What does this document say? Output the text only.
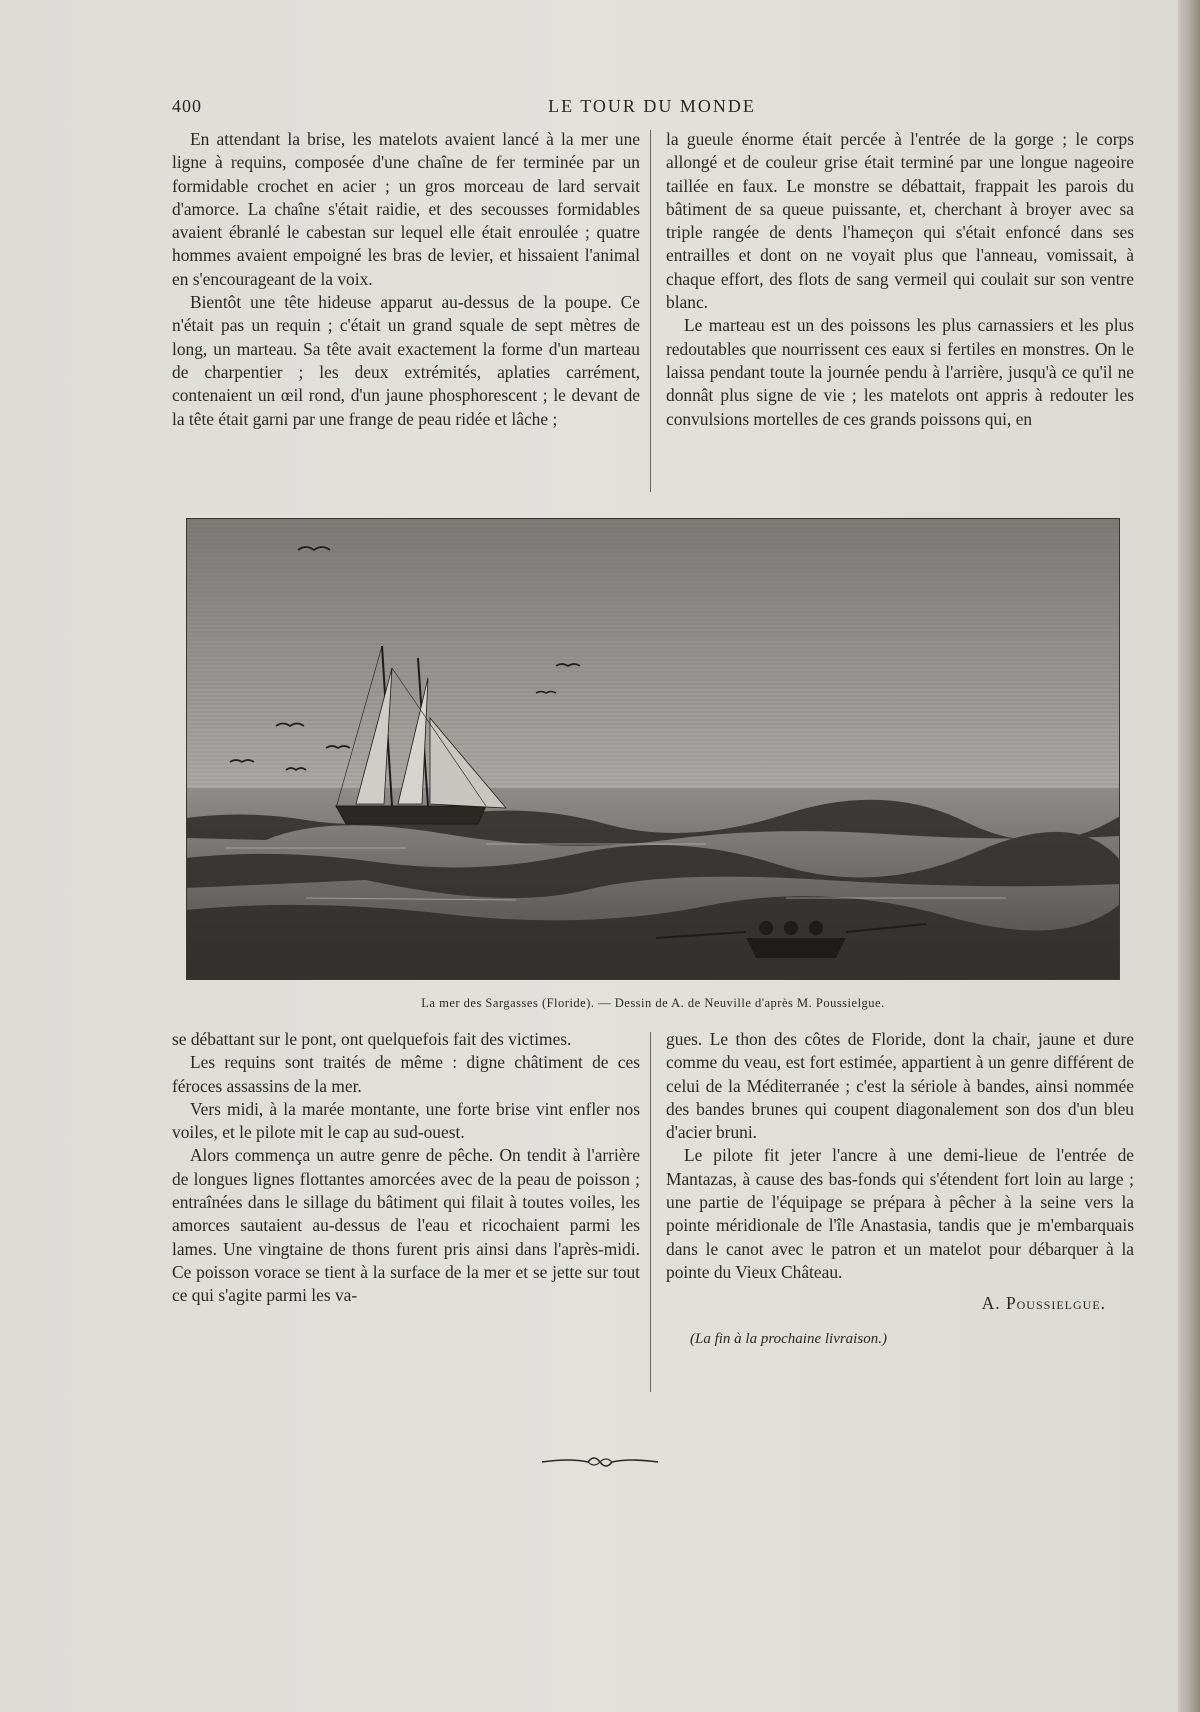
400	LE TOUR DU MONDE

En attendant la brise, les matelots avaient lancé à la mer une ligne à requins, composée d'une chaîne de fer terminée par un formidable crochet en acier ; un gros morceau de lard servait d'amorce. La chaîne s'était raidie, et des secousses formidables avaient ébranlé le cabestan sur lequel elle était enroulée ; quatre hommes avaient empoigné les bras de levier, et hissaient l'animal en s'encourageant de la voix.

Bientôt une tête hideuse apparut au-dessus de la poupe. Ce n'était pas un requin ; c'était un grand squale de sept mètres de long, un marteau. Sa tête avait exactement la forme d'un marteau de charpentier ; les deux extrémités, aplaties carrément, contenaient un œil rond, d'un jaune phosphorescent ; le devant de la tête était garni par une frange de peau ridée et lâche ;

la gueule énorme était percée à l'entrée de la gorge ; le corps allongé et de couleur grise était terminé par une longue nageoire taillée en faux. Le monstre se débattait, frappait les parois du bâtiment de sa queue puissante, et, cherchant à broyer avec sa triple rangée de dents l'hameçon qui s'était enfoncé dans ses entrailles et dont on ne voyait plus que l'anneau, vomissait, à chaque effort, des flots de sang vermeil qui coulait sur son ventre blanc.

Le marteau est un des poissons les plus carnassiers et les plus redoutables que nourrissent ces eaux si fertiles en monstres. On le laissa pendant toute la journée pendu à l'arrière, jusqu'à ce qu'il ne donnât plus signe de vie ; les matelots ont appris à redouter les convulsions mortelles de ces grands poissons qui, en

La mer des Sargasses (Floride). — Dessin de A. de Neuville d'après M. Poussielgue.

se débattant sur le pont, ont quelquefois fait des victimes.

Les requins sont traités de même : digne châtiment de ces féroces assassins de la mer.

Vers midi, à la marée montante, une forte brise vint enfler nos voiles, et le pilote mit le cap au sud-ouest.

Alors commença un autre genre de pêche. On tendit à l'arrière de longues lignes flottantes amorcées avec de la peau de poisson ; entraînées dans le sillage du bâtiment qui filait à toutes voiles, les amorces sautaient au-dessus de l'eau et ricochaient parmi les lames. Une vingtaine de thons furent pris ainsi dans l'après-midi. Ce poisson vorace se tient à la surface de la mer et se jette sur tout ce qui s'agite parmi les va-

gues. Le thon des côtes de Floride, dont la chair, jaune et dure comme du veau, est fort estimée, appartient à un genre différent de celui de la Méditerranée ; c'est la sériole à bandes, ainsi nommée des bandes brunes qui coupent diagonalement son dos d'un bleu d'acier bruni.

Le pilote fit jeter l'ancre à une demi-lieue de l'entrée de Mantazas, à cause des bas-fonds qui s'étendent fort loin au large ; une partie de l'équipage se prépara à pêcher à la seine vers la pointe méridionale de l'île Anastasia, tandis que je m'embarquais dans le canot avec le patron et un matelot pour débarquer à la pointe du Vieux Château.

A. Poussielgue.
(La fin à la prochaine livraison.)
